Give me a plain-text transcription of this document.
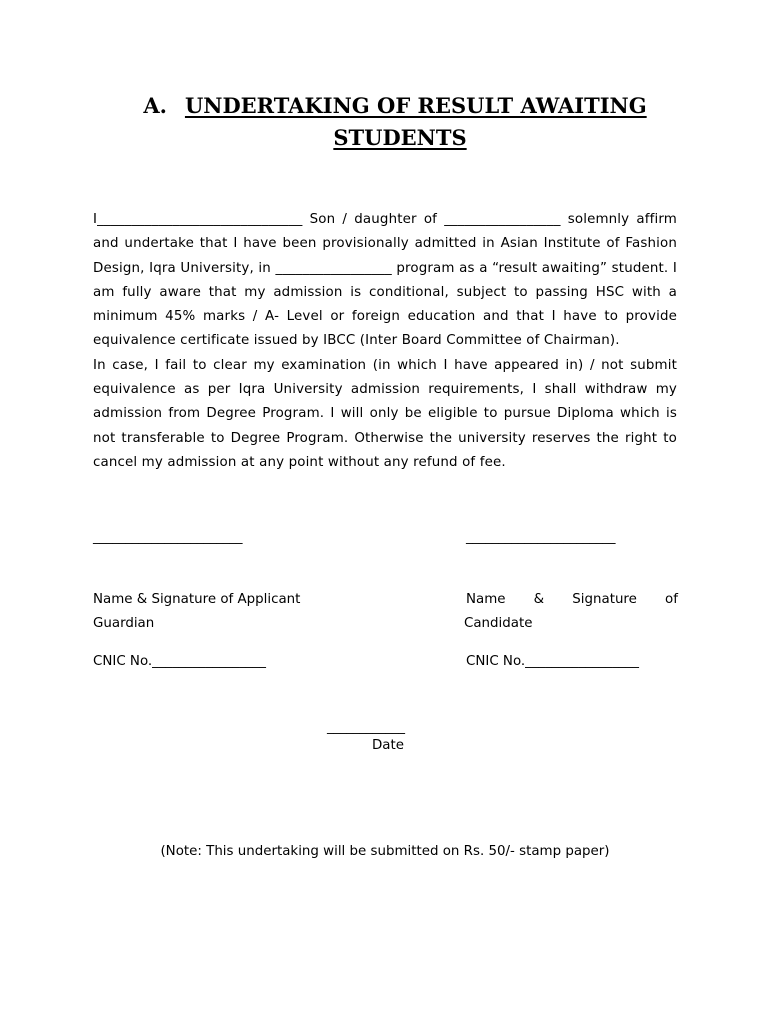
A. UNDERTAKING OF RESULT AWAITING
STUDENTS

I______________________________ Son / daughter of _________________ solemnly affirm and undertake that I have been provisionally admitted in Asian Institute of Fashion Design, Iqra University, in _________________ program as a “result awaiting” student. I am fully aware that my admission is conditional, subject to passing HSC with a minimum 45% marks / A- Level or foreign education and that I have to provide equivalence certificate issued by IBCC (Inter Board Committee of Chairman).

In case, I fail to clear my examination (in which I have appeared in) / not submit equivalence as per Iqra University admission requirements, I shall withdraw my admission from Degree Program. I will only be eligible to pursue Diploma which is not transferable to Degree Program. Otherwise the university reserves the right to cancel my admission at any point without any refund of fee.

_______________________	_______________________
Name & Signature of Applicant
Guardian
Name & Signature of
Candidate
CNIC No._________________	CNIC No._________________
____________
Date
(Note: This undertaking will be submitted on Rs. 50/- stamp paper)
